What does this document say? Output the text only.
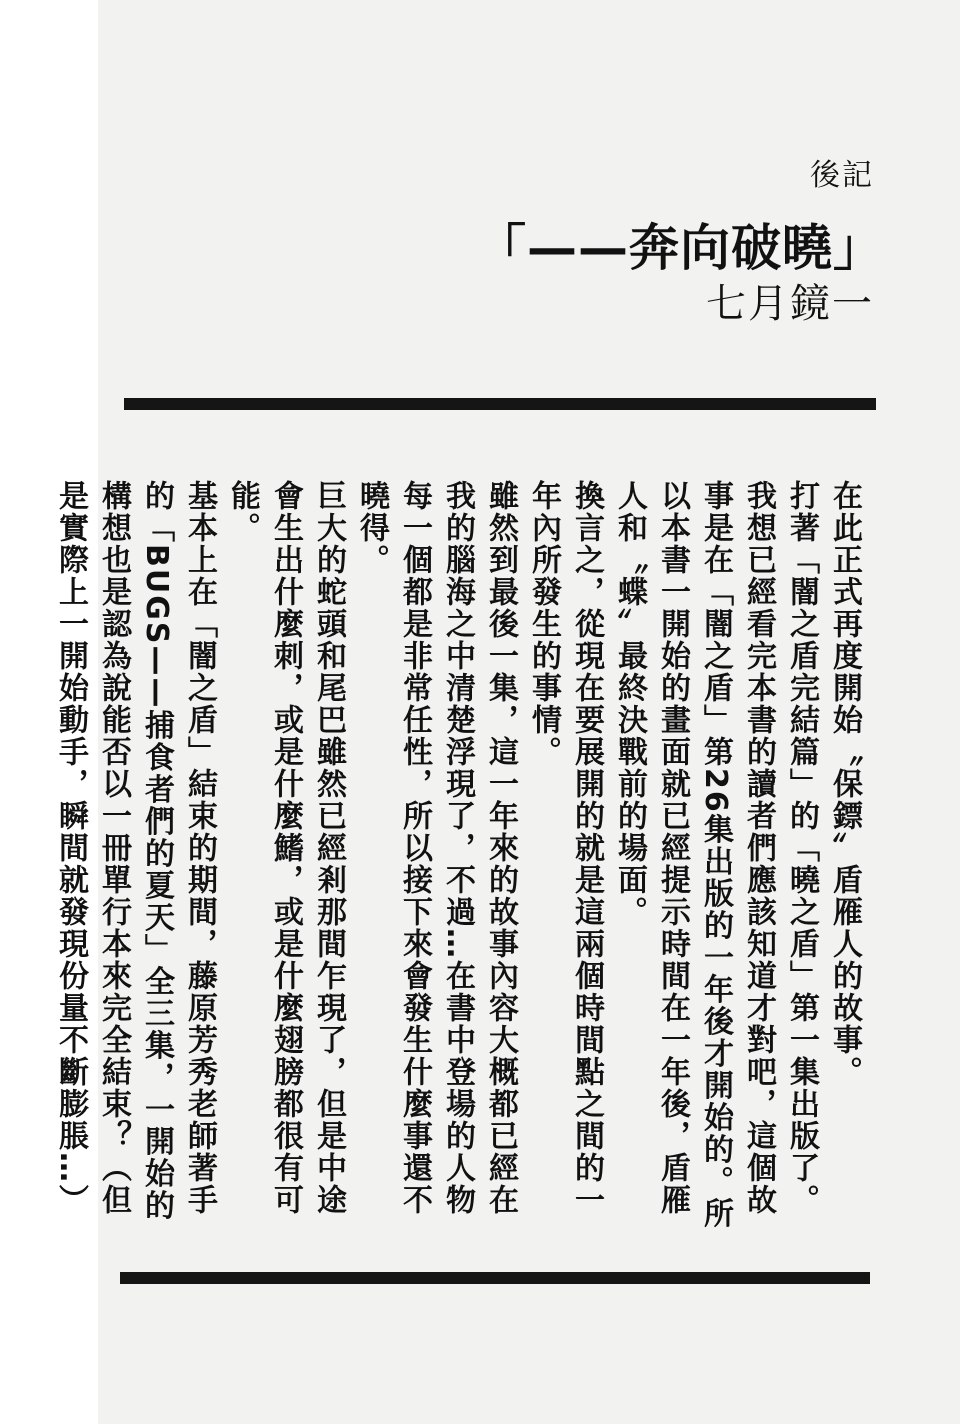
後記
「——奔向破曉」
七月鏡一

在此正式再度開始〝保鏢〞盾雁人的故事。

打著「闇之盾完結篇」的「曉之盾」第一集出版了。

我想已經看完本書的讀者們應該知道才對吧，這個故事是在「闇之盾」第26集出版的一年後才開始的。所以本書一開始的畫面就已經提示時間在一年後，盾雁人和〝蝶〞最終決戰前的場面。

換言之，從現在要展開的就是這兩個時間點之間的一年內所發生的事情。

雖然到最後一集，這一年來的故事內容大概都已經在我的腦海之中清楚浮現了，不過…在書中登場的人物每一個都是非常任性，所以接下來會發生什麼事還不曉得。

巨大的蛇頭和尾巴雖然已經剎那間乍現了，但是中途會生出什麼刺，或是什麼鰭，或是什麼翅膀都很有可能。

基本上在「闇之盾」結束的期間，藤原芳秀老師著手的「BUGS——捕食者們的夏天」全三集，一開始的構想也是認為說能否以一冊單行本來完全結束？（但是實際上一開始動手，瞬間就發現份量不斷膨脹…）
